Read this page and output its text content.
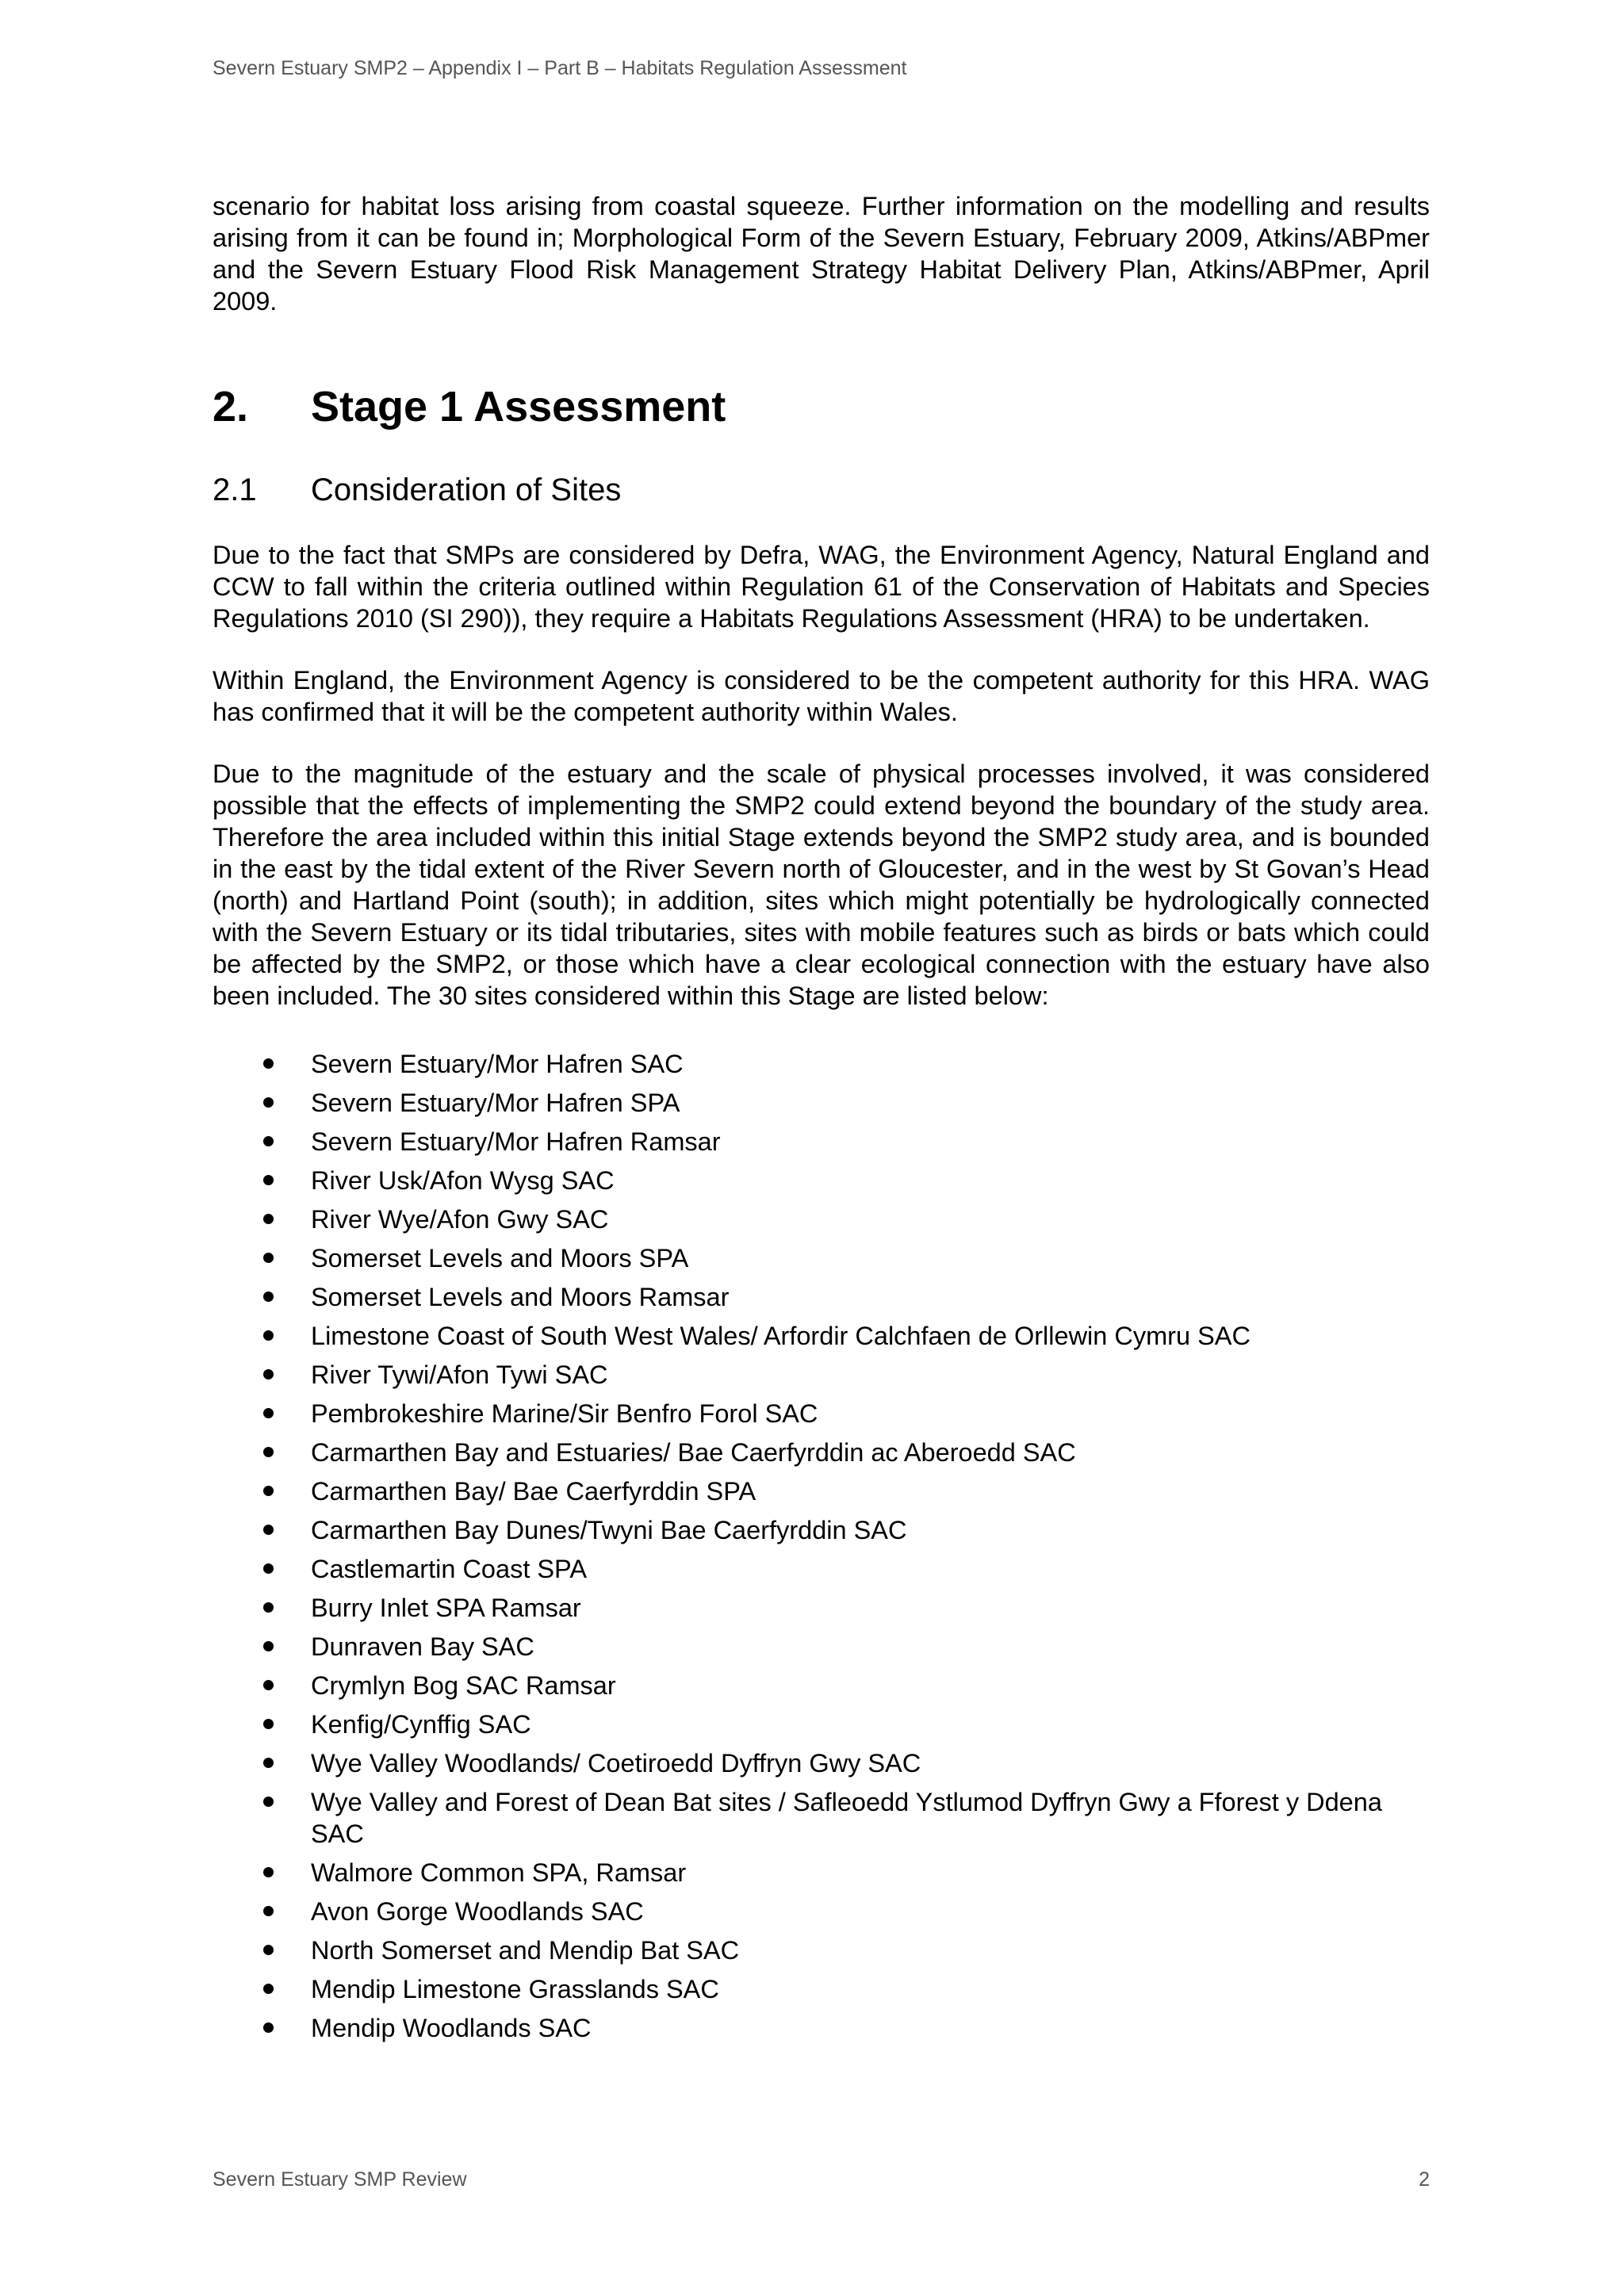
Severn Estuary SMP2 – Appendix I – Part B – Habitats Regulation Assessment

scenario for habitat loss arising from coastal squeeze. Further information on the modelling and results arising from it can be found in; Morphological Form of the Severn Estuary, February 2009, Atkins/ABPmer and the Severn Estuary Flood Risk Management Strategy Habitat Delivery Plan, Atkins/ABPmer, April 2009.

2.	Stage 1 Assessment
2.1	Consideration of Sites

Due to the fact that SMPs are considered by Defra, WAG, the Environment Agency, Natural England and CCW to fall within the criteria outlined within Regulation 61 of the Conservation of Habitats and Species Regulations 2010 (SI 290)), they require a Habitats Regulations Assessment (HRA) to be undertaken.

Within England, the Environment Agency is considered to be the competent authority for this HRA. WAG has confirmed that it will be the competent authority within Wales.

Due to the magnitude of the estuary and the scale of physical processes involved, it was considered possible that the effects of implementing the SMP2 could extend beyond the boundary of the study area. Therefore the area included within this initial Stage extends beyond the SMP2 study area, and is bounded in the east by the tidal extent of the River Severn north of Gloucester, and in the west by St Govan’s Head (north) and Hartland Point (south); in addition, sites which might potentially be hydrologically connected with the Severn Estuary or its tidal tributaries, sites with mobile features such as birds or bats which could be affected by the SMP2, or those which have a clear ecological connection with the estuary have also been included. The 30 sites considered within this Stage are listed below:

Severn Estuary/Mor Hafren SAC
Severn Estuary/Mor Hafren SPA
Severn Estuary/Mor Hafren Ramsar
River Usk/Afon Wysg SAC
River Wye/Afon Gwy SAC
Somerset Levels and Moors SPA
Somerset Levels and Moors Ramsar
Limestone Coast of South West Wales/ Arfordir Calchfaen de Orllewin Cymru SAC
River Tywi/Afon Tywi SAC
Pembrokeshire Marine/Sir Benfro Forol SAC
Carmarthen Bay and Estuaries/ Bae Caerfyrddin ac Aberoedd SAC
Carmarthen Bay/ Bae Caerfyrddin SPA
Carmarthen Bay Dunes/Twyni Bae Caerfyrddin SAC
Castlemartin Coast SPA
Burry Inlet SPA Ramsar
Dunraven Bay SAC
Crymlyn Bog SAC Ramsar
Kenfig/Cynffig SAC
Wye Valley Woodlands/ Coetiroedd Dyffryn Gwy SAC
Wye Valley and Forest of Dean Bat sites / Safleoedd Ystlumod Dyffryn Gwy a Fforest y Ddena SAC
Walmore Common SPA, Ramsar
Avon Gorge Woodlands SAC
North Somerset and Mendip Bat SAC
Mendip Limestone Grasslands SAC
Mendip Woodlands SAC
Severn Estuary SMP Review	2
